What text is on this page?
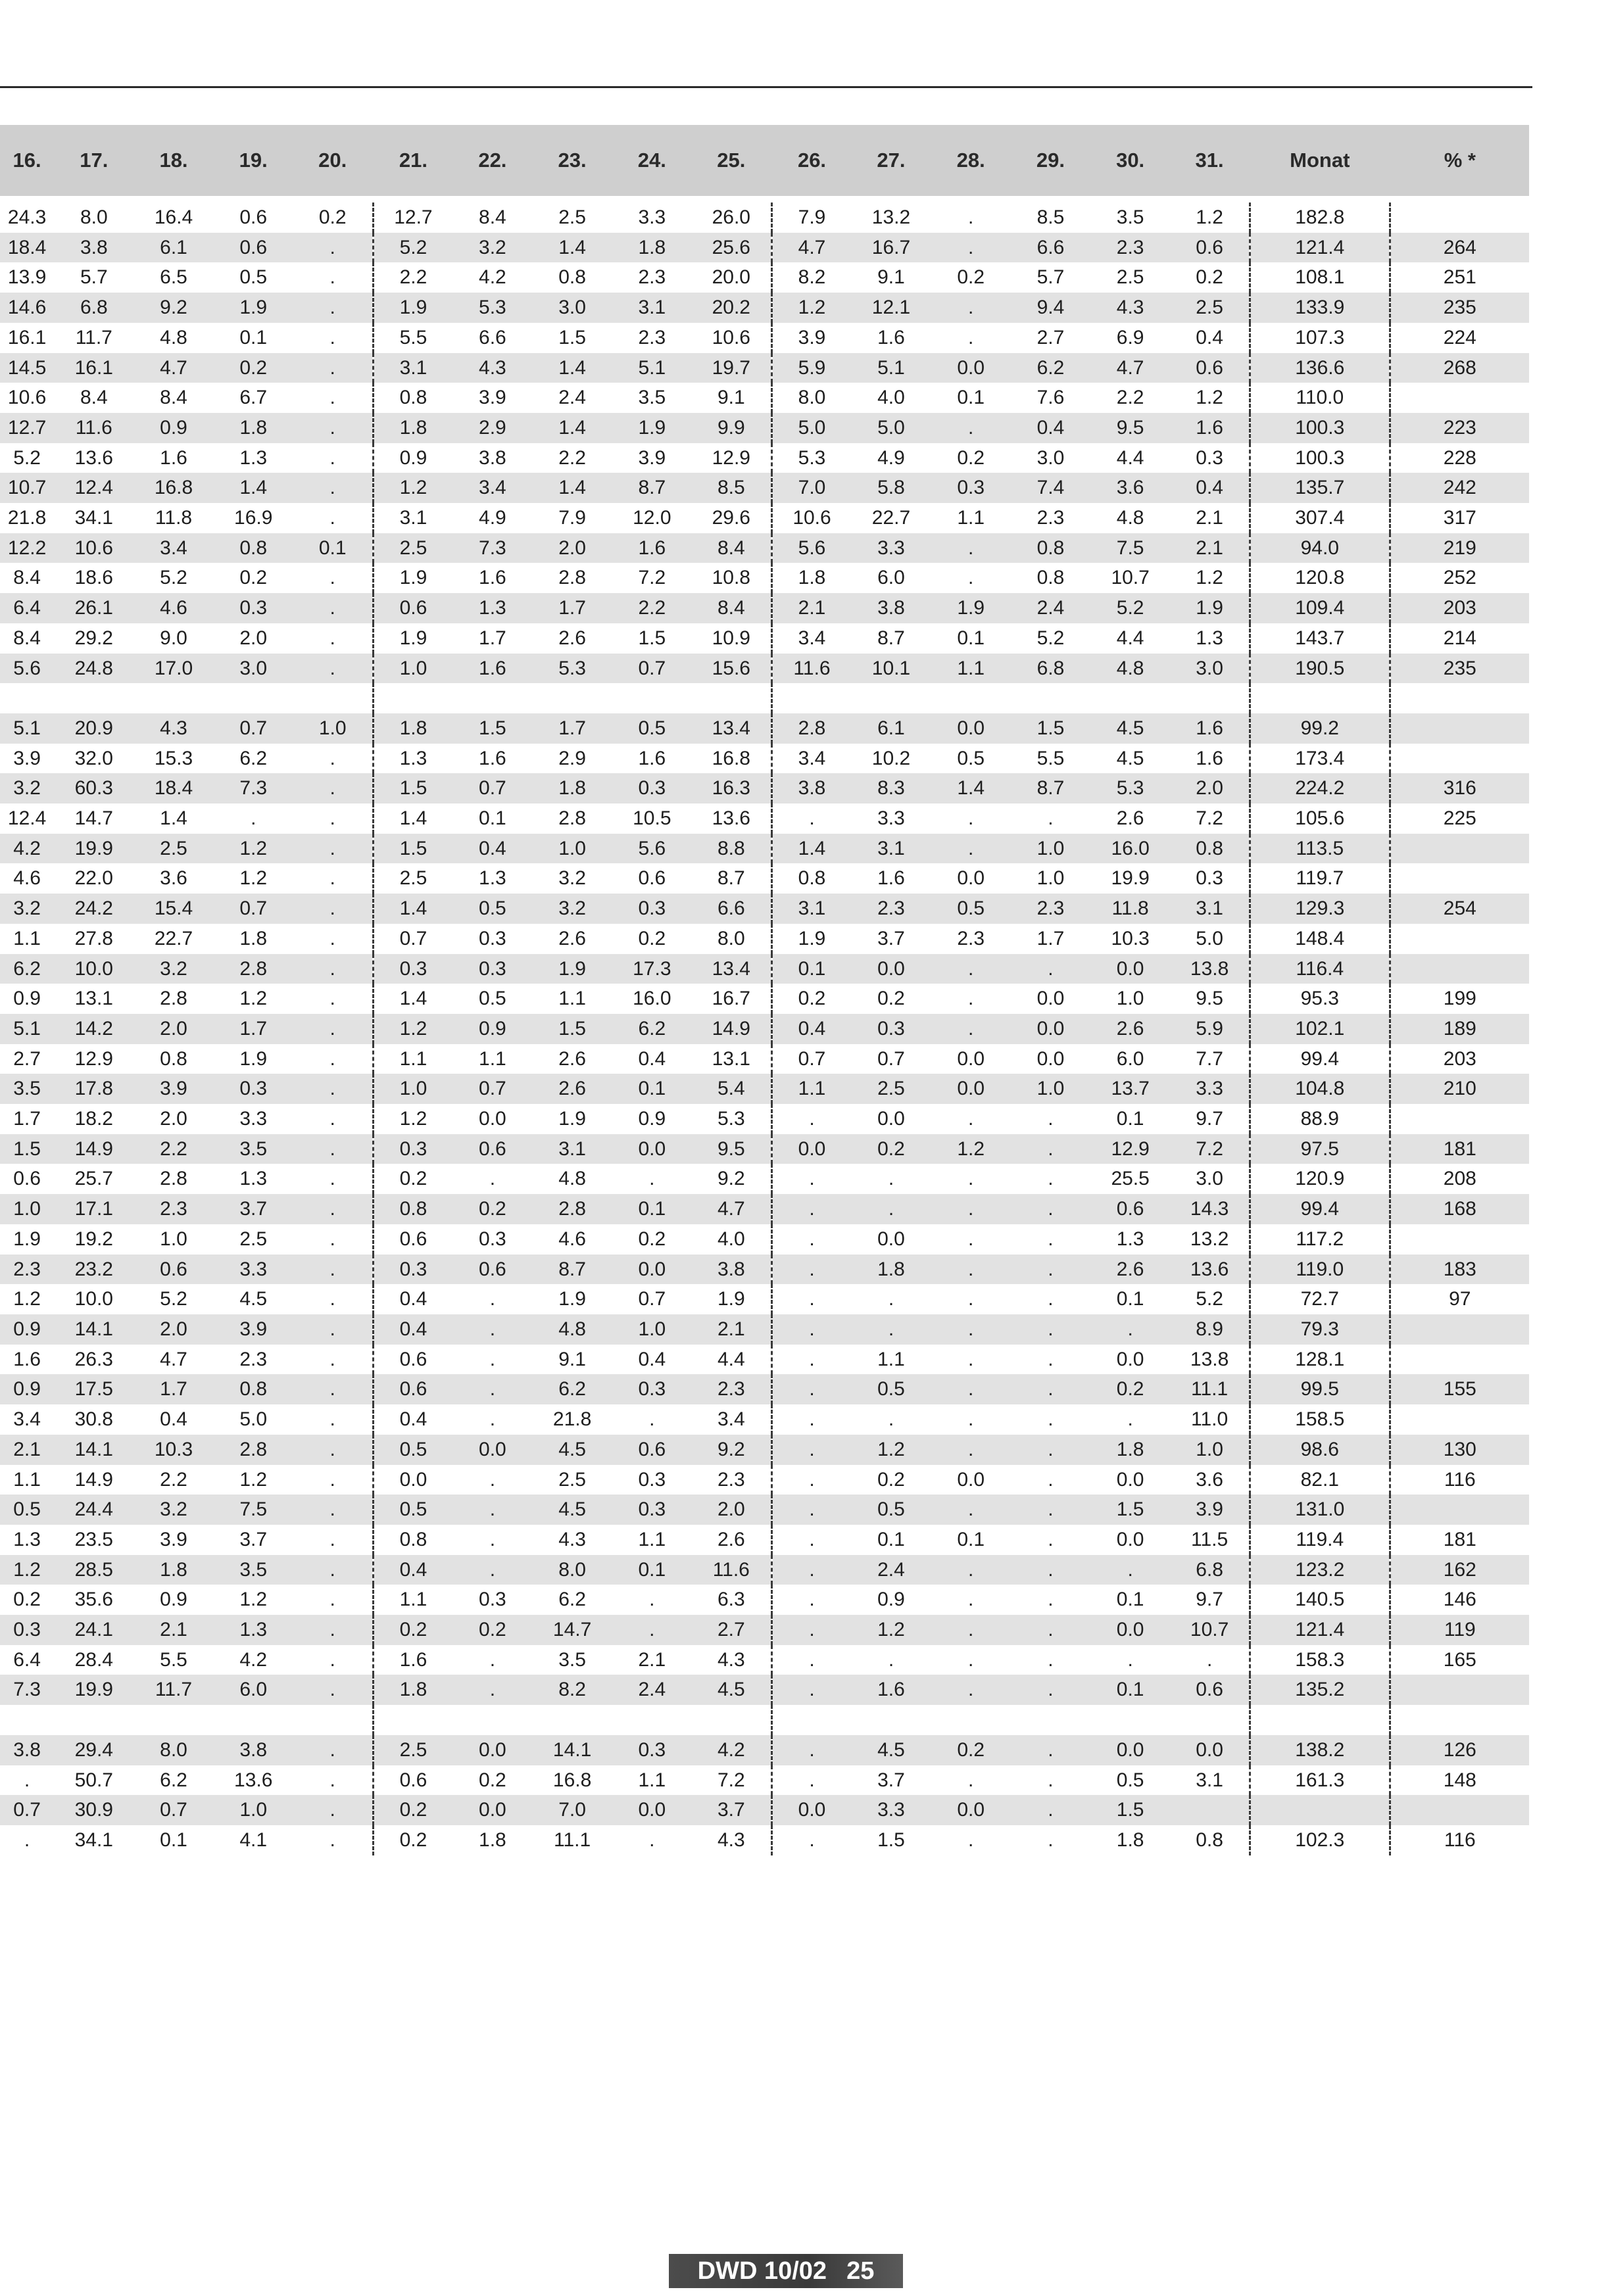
16.	17.	18.	19.	20.	21.	22.	23.	24.	25.	26.	27.	28.	29.	30.	31.	Monat	% *
24.3	8.0	16.4	0.6	0.2	12.7	8.4	2.5	3.3	26.0	7.9	13.2	.	8.5	3.5	1.2	182.8	
18.4	3.8	6.1	0.6	.	5.2	3.2	1.4	1.8	25.6	4.7	16.7	.	6.6	2.3	0.6	121.4	264
13.9	5.7	6.5	0.5	.	2.2	4.2	0.8	2.3	20.0	8.2	9.1	0.2	5.7	2.5	0.2	108.1	251
14.6	6.8	9.2	1.9	.	1.9	5.3	3.0	3.1	20.2	1.2	12.1	.	9.4	4.3	2.5	133.9	235
16.1	11.7	4.8	0.1	.	5.5	6.6	1.5	2.3	10.6	3.9	1.6	.	2.7	6.9	0.4	107.3	224
14.5	16.1	4.7	0.2	.	3.1	4.3	1.4	5.1	19.7	5.9	5.1	0.0	6.2	4.7	0.6	136.6	268
10.6	8.4	8.4	6.7	.	0.8	3.9	2.4	3.5	9.1	8.0	4.0	0.1	7.6	2.2	1.2	110.0	
12.7	11.6	0.9	1.8	.	1.8	2.9	1.4	1.9	9.9	5.0	5.0	.	0.4	9.5	1.6	100.3	223
5.2	13.6	1.6	1.3	.	0.9	3.8	2.2	3.9	12.9	5.3	4.9	0.2	3.0	4.4	0.3	100.3	228
10.7	12.4	16.8	1.4	.	1.2	3.4	1.4	8.7	8.5	7.0	5.8	0.3	7.4	3.6	0.4	135.7	242
21.8	34.1	11.8	16.9	.	3.1	4.9	7.9	12.0	29.6	10.6	22.7	1.1	2.3	4.8	2.1	307.4	317
12.2	10.6	3.4	0.8	0.1	2.5	7.3	2.0	1.6	8.4	5.6	3.3	.	0.8	7.5	2.1	94.0	219
8.4	18.6	5.2	0.2	.	1.9	1.6	2.8	7.2	10.8	1.8	6.0	.	0.8	10.7	1.2	120.8	252
6.4	26.1	4.6	0.3	.	0.6	1.3	1.7	2.2	8.4	2.1	3.8	1.9	2.4	5.2	1.9	109.4	203
8.4	29.2	9.0	2.0	.	1.9	1.7	2.6	1.5	10.9	3.4	8.7	0.1	5.2	4.4	1.3	143.7	214
5.6	24.8	17.0	3.0	.	1.0	1.6	5.3	0.7	15.6	11.6	10.1	1.1	6.8	4.8	3.0	190.5	235

5.1	20.9	4.3	0.7	1.0	1.8	1.5	1.7	0.5	13.4	2.8	6.1	0.0	1.5	4.5	1.6	99.2	
3.9	32.0	15.3	6.2	.	1.3	1.6	2.9	1.6	16.8	3.4	10.2	0.5	5.5	4.5	1.6	173.4	
3.2	60.3	18.4	7.3	.	1.5	0.7	1.8	0.3	16.3	3.8	8.3	1.4	8.7	5.3	2.0	224.2	316
12.4	14.7	1.4	.	.	1.4	0.1	2.8	10.5	13.6	.	3.3	.	.	2.6	7.2	105.6	225
4.2	19.9	2.5	1.2	.	1.5	0.4	1.0	5.6	8.8	1.4	3.1	.	1.0	16.0	0.8	113.5	
4.6	22.0	3.6	1.2	.	2.5	1.3	3.2	0.6	8.7	0.8	1.6	0.0	1.0	19.9	0.3	119.7	
3.2	24.2	15.4	0.7	.	1.4	0.5	3.2	0.3	6.6	3.1	2.3	0.5	2.3	11.8	3.1	129.3	254
1.1	27.8	22.7	1.8	.	0.7	0.3	2.6	0.2	8.0	1.9	3.7	2.3	1.7	10.3	5.0	148.4	
6.2	10.0	3.2	2.8	.	0.3	0.3	1.9	17.3	13.4	0.1	0.0	.	.	0.0	13.8	116.4	
0.9	13.1	2.8	1.2	.	1.4	0.5	1.1	16.0	16.7	0.2	0.2	.	0.0	1.0	9.5	95.3	199
5.1	14.2	2.0	1.7	.	1.2	0.9	1.5	6.2	14.9	0.4	0.3	.	0.0	2.6	5.9	102.1	189
2.7	12.9	0.8	1.9	.	1.1	1.1	2.6	0.4	13.1	0.7	0.7	0.0	0.0	6.0	7.7	99.4	203
3.5	17.8	3.9	0.3	.	1.0	0.7	2.6	0.1	5.4	1.1	2.5	0.0	1.0	13.7	3.3	104.8	210
1.7	18.2	2.0	3.3	.	1.2	0.0	1.9	0.9	5.3	.	0.0	.	.	0.1	9.7	88.9	
1.5	14.9	2.2	3.5	.	0.3	0.6	3.1	0.0	9.5	0.0	0.2	1.2	.	12.9	7.2	97.5	181
0.6	25.7	2.8	1.3	.	0.2	.	4.8	.	9.2	.	.	.	.	25.5	3.0	120.9	208
1.0	17.1	2.3	3.7	.	0.8	0.2	2.8	0.1	4.7	.	.	.	.	0.6	14.3	99.4	168
1.9	19.2	1.0	2.5	.	0.6	0.3	4.6	0.2	4.0	.	0.0	.	.	1.3	13.2	117.2	
2.3	23.2	0.6	3.3	.	0.3	0.6	8.7	0.0	3.8	.	1.8	.	.	2.6	13.6	119.0	183
1.2	10.0	5.2	4.5	.	0.4	.	1.9	0.7	1.9	.	.	.	.	0.1	5.2	72.7	97
0.9	14.1	2.0	3.9	.	0.4	.	4.8	1.0	2.1	.	.	.	.	.	8.9	79.3	
1.6	26.3	4.7	2.3	.	0.6	.	9.1	0.4	4.4	.	1.1	.	.	0.0	13.8	128.1	
0.9	17.5	1.7	0.8	.	0.6	.	6.2	0.3	2.3	.	0.5	.	.	0.2	11.1	99.5	155
3.4	30.8	0.4	5.0	.	0.4	.	21.8	.	3.4	.	.	.	.	.	11.0	158.5	
2.1	14.1	10.3	2.8	.	0.5	0.0	4.5	0.6	9.2	.	1.2	.	.	1.8	1.0	98.6	130
1.1	14.9	2.2	1.2	.	0.0	.	2.5	0.3	2.3	.	0.2	0.0	.	0.0	3.6	82.1	116
0.5	24.4	3.2	7.5	.	0.5	.	4.5	0.3	2.0	.	0.5	.	.	1.5	3.9	131.0	
1.3	23.5	3.9	3.7	.	0.8	.	4.3	1.1	2.6	.	0.1	0.1	.	0.0	11.5	119.4	181
1.2	28.5	1.8	3.5	.	0.4	.	8.0	0.1	11.6	.	2.4	.	.	.	6.8	123.2	162
0.2	35.6	0.9	1.2	.	1.1	0.3	6.2	.	6.3	.	0.9	.	.	0.1	9.7	140.5	146
0.3	24.1	2.1	1.3	.	0.2	0.2	14.7	.	2.7	.	1.2	.	.	0.0	10.7	121.4	119
6.4	28.4	5.5	4.2	.	1.6	.	3.5	2.1	4.3	.	.	.	.	.	.	158.3	165
7.3	19.9	11.7	6.0	.	1.8	.	8.2	2.4	4.5	.	1.6	.	.	0.1	0.6	135.2	

3.8	29.4	8.0	3.8	.	2.5	0.0	14.1	0.3	4.2	.	4.5	0.2	.	0.0	0.0	138.2	126
.	50.7	6.2	13.6	.	0.6	0.2	16.8	1.1	7.2	.	3.7	.	.	0.5	3.1	161.3	148
0.7	30.9	0.7	1.0	.	0.2	0.0	7.0	0.0	3.7	0.0	3.3	0.0	.	1.5			
.	34.1	0.1	4.1	.	0.2	1.8	11.1	.	4.3	.	1.5	.	.	1.8	0.8	102.3	116
DWD 10/02 25
